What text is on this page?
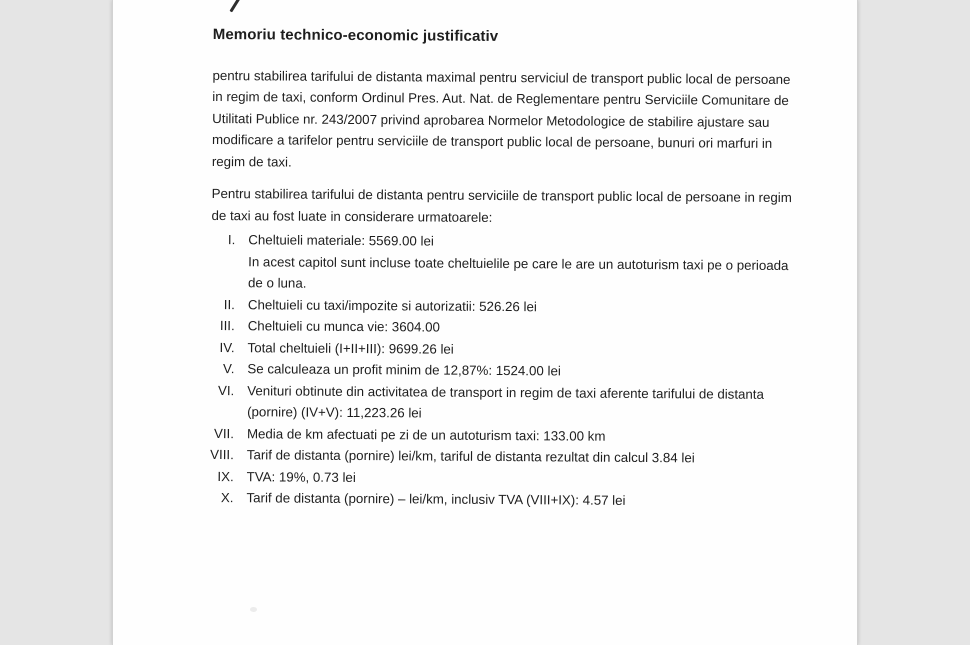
Memoriu technico-economic justificativ

pentru stabilirea tarifului de distanta maximal pentru serviciul de transport public local de persoane in regim de taxi, conform Ordinul Pres. Aut. Nat. de Reglementare pentru Serviciile Comunitare de Utilitati Publice nr. 243/2007 privind aprobarea Normelor Metodologice de stabilire ajustare sau modificare a tarifelor pentru serviciile de transport public local de persoane, bunuri ori marfuri in regim de taxi.

Pentru stabilirea tarifului de distanta pentru serviciile de transport public local de persoane in regim de taxi au fost luate in considerare urmatoarele:

I. Cheltuieli materiale: 5569.00 lei
In acest capitol sunt incluse toate cheltuielile pe care le are un autoturism taxi pe o perioada de o luna.
II. Cheltuieli cu taxi/impozite si autorizatii: 526.26 lei
III. Cheltuieli cu munca vie: 3604.00
IV. Total cheltuieli (I+II+III): 9699.26 lei
V. Se calculeaza un profit minim de 12,87%: 1524.00 lei
VI. Venituri obtinute din activitatea de transport in regim de taxi aferente tarifului de distanta (pornire) (IV+V): 11,223.26 lei
VII. Media de km afectuati pe zi de un autoturism taxi: 133.00 km
VIII. Tarif de distanta (pornire) lei/km, tariful de distanta rezultat din calcul 3.84 lei
IX. TVA: 19%, 0.73 lei
X. Tarif de distanta (pornire) – lei/km, inclusiv TVA (VIII+IX): 4.57 lei
